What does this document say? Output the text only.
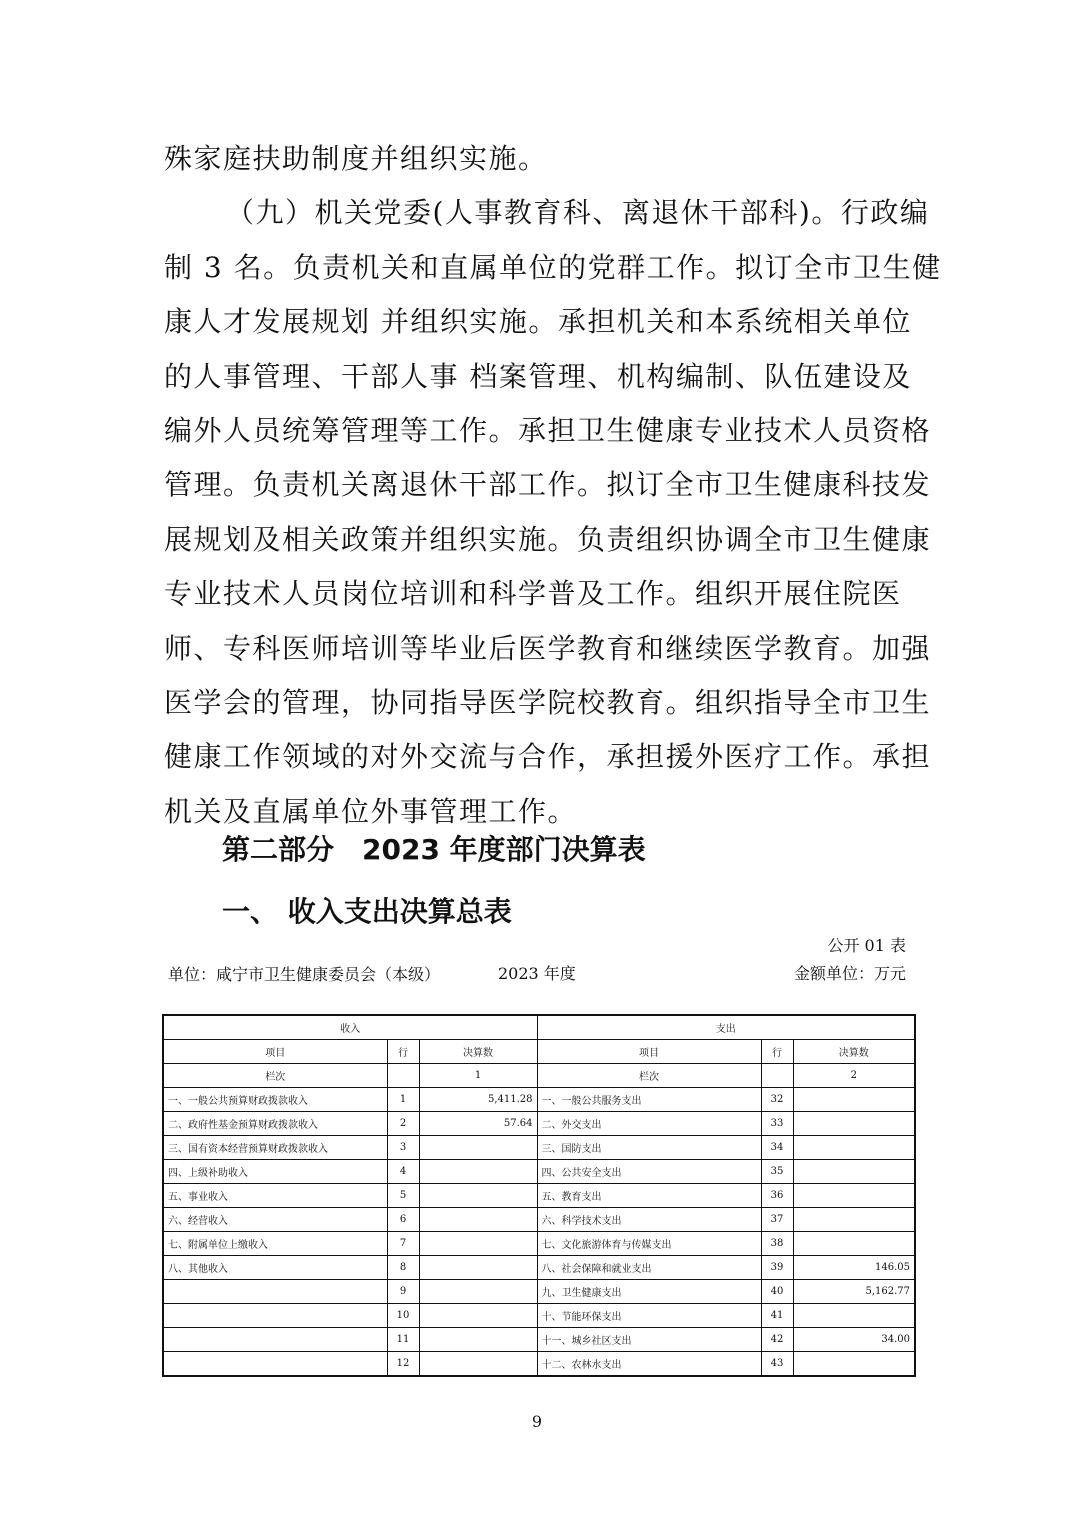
殊家庭扶助制度并组织实施。
（九）机关党委(人事教育科、离退休干部科)。行政编
制 3 名。负责机关和直属单位的党群工作。拟订全市卫生健
康人才发展规划 并组织实施。承担机关和本系统相关单位
的人事管理、干部人事 档案管理、机构编制、队伍建设及
编外人员统筹管理等工作。承担卫生健康专业技术人员资格
管理。负责机关离退休干部工作。拟订全市卫生健康科技发
展规划及相关政策并组织实施。负责组织协调全市卫生健康
专业技术人员岗位培训和科学普及工作。组织开展住院医
师、专科医师培训等毕业后医学教育和继续医学教育。加强
医学会的管理，协同指导医学院校教育。组织指导全市卫生
健康工作领域的对外交流与合作，承担援外医疗工作。承担
机关及直属单位外事管理工作。
第二部分　2023 年度部门决算表
一、 收入支出决算总表
公开 01 表
单位：咸宁市卫生健康委员会（本级）	2023 年度	金额单位：万元
收入			支出		
项目	行	决算数	项目	行	决算数
栏次		1	栏次		2
一、一般公共预算财政拨款收入	1	5,411.28	一、一般公共服务支出	32	
二、政府性基金预算财政拨款收入	2	57.64	二、外交支出	33	
三、国有资本经营预算财政拨款收入	3		三、国防支出	34	
四、上级补助收入	4		四、公共安全支出	35	
五、事业收入	5		五、教育支出	36	
六、经营收入	6		六、科学技术支出	37	
七、附属单位上缴收入	7		七、文化旅游体育与传媒支出	38	
八、其他收入	8		八、社会保障和就业支出	39	146.05
	9		九、卫生健康支出	40	5,162.77
	10		十、节能环保支出	41	
	11		十一、城乡社区支出	42	34.00
	12		十二、农林水支出	43	
9
